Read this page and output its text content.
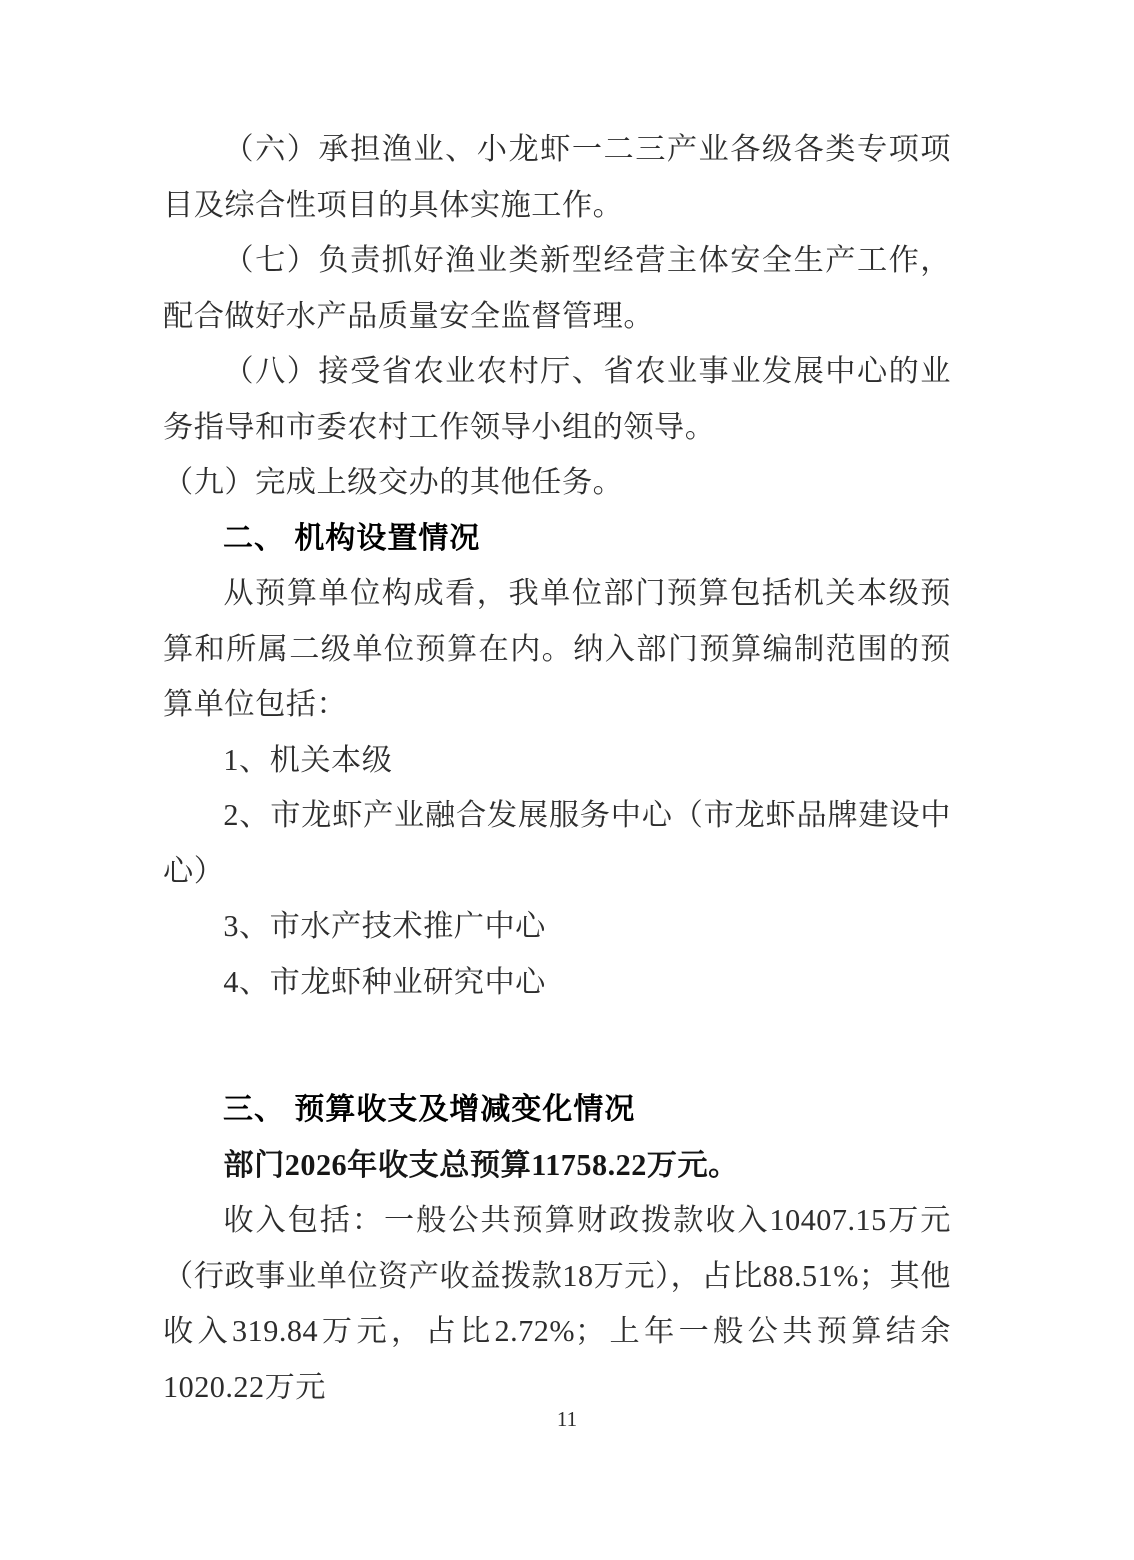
（六）承担渔业、小龙虾一二三产业各级各类专项项目及综合性项目的具体实施工作。

（七）负责抓好渔业类新型经营主体安全生产工作，配合做好水产品质量安全监督管理。

（八）接受省农业农村厅、省农业事业发展中心的业务指导和市委农村工作领导小组的领导。

（九）完成上级交办的其他任务。

二、 机构设置情况

从预算单位构成看，我单位部门预算包括机关本级预算和所属二级单位预算在内。纳入部门预算编制范围的预算单位包括：

1、机关本级

2、市龙虾产业融合发展服务中心（市龙虾品牌建设中心）

3、市水产技术推广中心

4、市龙虾种业研究中心

三、 预算收支及增减变化情况

部门2026年收支总预算11758.22万元。

收入包括：一般公共预算财政拨款收入10407.15万元（行政事业单位资产收益拨款18万元），占比88.51%；其他收入319.84万元，占比2.72%；上年一般公共预算结余1020.22万元

11
